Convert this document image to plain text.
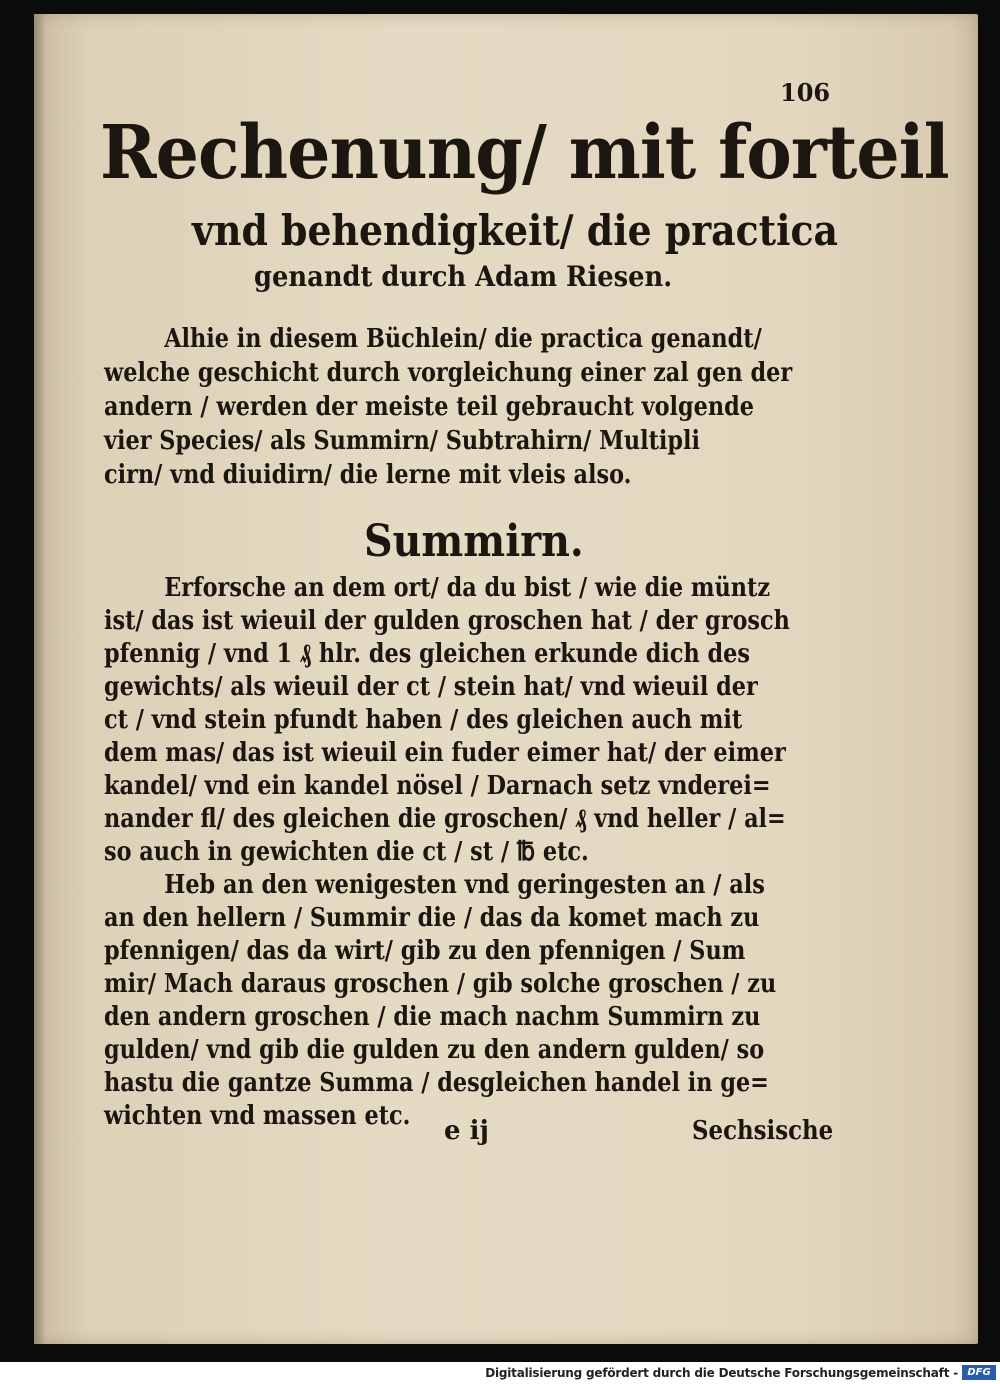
106
Rechenung/ mit forteil
vnd behendigkeit/ die practica
genandt durch Adam Riesen.
Alhie in diesem Büchlein/ die practica genandt/
welche geschicht durch vorgleichung einer zal gen der
andern / werden der meiste teil gebraucht volgende
vier Species/ als Summirn/ Subtrahirn/ Multipli
cirn/ vnd diuidirn/ die lerne mit vleis also.
Summirn.
Erforsche an dem ort/ da du bist / wie die müntz
ist/ das ist wieuil der gulden groschen hat / der grosch
pfennig / vnd 1 ₰ hlr. des gleichen erkunde dich des
gewichts/ als wieuil der ct / stein hat/ vnd wieuil der
ct / vnd stein pfundt haben / des gleichen auch mit
dem mas/ das ist wieuil ein fuder eimer hat/ der eimer
kandel/ vnd ein kandel nösel / Darnach setz vnderei=
nander fl/ des gleichen die groschen/ ₰ vnd heller / al=
so auch in gewichten die ct / st / ℔ etc.
Heb an den wenigesten vnd geringesten an / als
an den hellern / Summir die / das da komet mach zu
pfennigen/ das da wirt/ gib zu den pfennigen / Sum
mir/ Mach daraus groschen / gib solche groschen / zu
den andern groschen / die mach nachm Summirn zu
gulden/ vnd gib die gulden zu den andern gulden/ so
hastu die gantze Summa / desgleichen handel in ge=
wichten vnd massen etc.	e ij	Sechsische
Digitalisierung gefördert durch die Deutsche Forschungsgemeinschaft - DFG
